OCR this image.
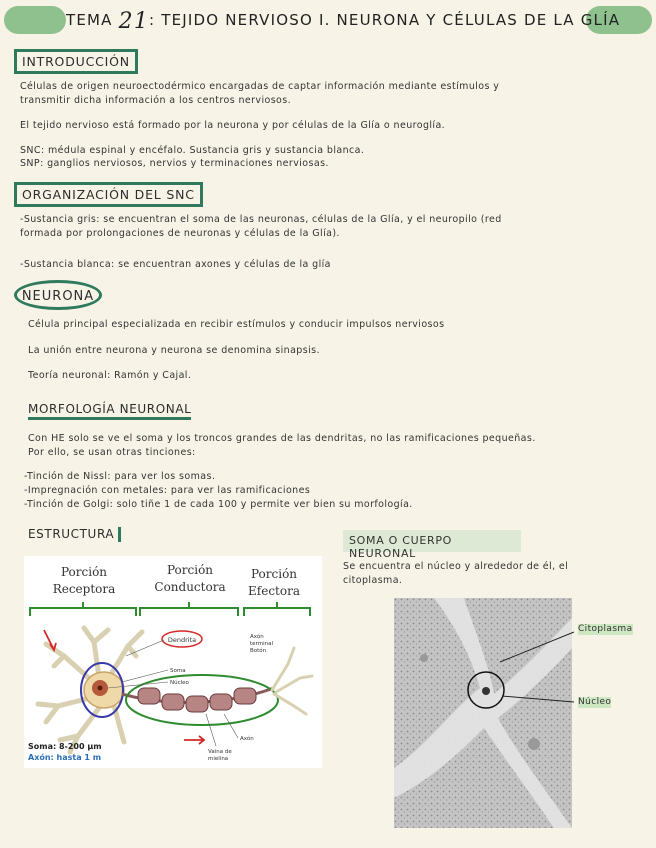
TEMA 21: TEJIDO NERVIOSO I. NEURONA Y CÉLULAS DE LA GLÍA
INTRODUCCIÓN
Células de origen neuroectodérmico encargadas de captar información mediante estímulos y
transmitir dicha información a los centros nerviosos.
El tejido nervioso está formado por la neurona y por células de la Glía o neuroglía.
SNC: médula espinal y encéfalo. Sustancia gris y sustancia blanca.
SNP: ganglios nerviosos, nervios y terminaciones nerviosas.
ORGANIZACIÓN DEL SNC
-Sustancia gris: se encuentran el soma de las neuronas, células de la Glía, y el neuropilo (red
formada por prolongaciones de neuronas y células de la Glía).
-Sustancia blanca: se encuentran axones y células de la glía
NEURONA
Célula principal especializada en recibir estímulos y conducir impulsos nerviosos
La unión entre neurona y neurona se denomina sinapsis.
Teoría neuronal: Ramón y Cajal.
MORFOLOGÍA NEURONAL
Con HE solo se ve el soma y los troncos grandes de las dendritas, no las ramificaciones pequeñas.
Por ello, se usan otras tinciones:
-Tinción de Nissl: para ver los somas.
-Impregnación con metales: para ver las ramificaciones
-Tinción de Golgi: solo tiñe 1 de cada 100 y permite ver bien su morfología.
ESTRUCTURA
Porción
Receptora
Porción
Conductora
Porción
Efectora
Dendrita	Axón
terminal
Botón
Soma
Núcleo
Axón
Vaina de
mielina
Soma: 8-200 µm
Axón: hasta 1 m
SOMA O CUERPO NEURONAL
Se encuentra el núcleo y alrededor de él, el
citoplasma.
Citoplasma
Núcleo
